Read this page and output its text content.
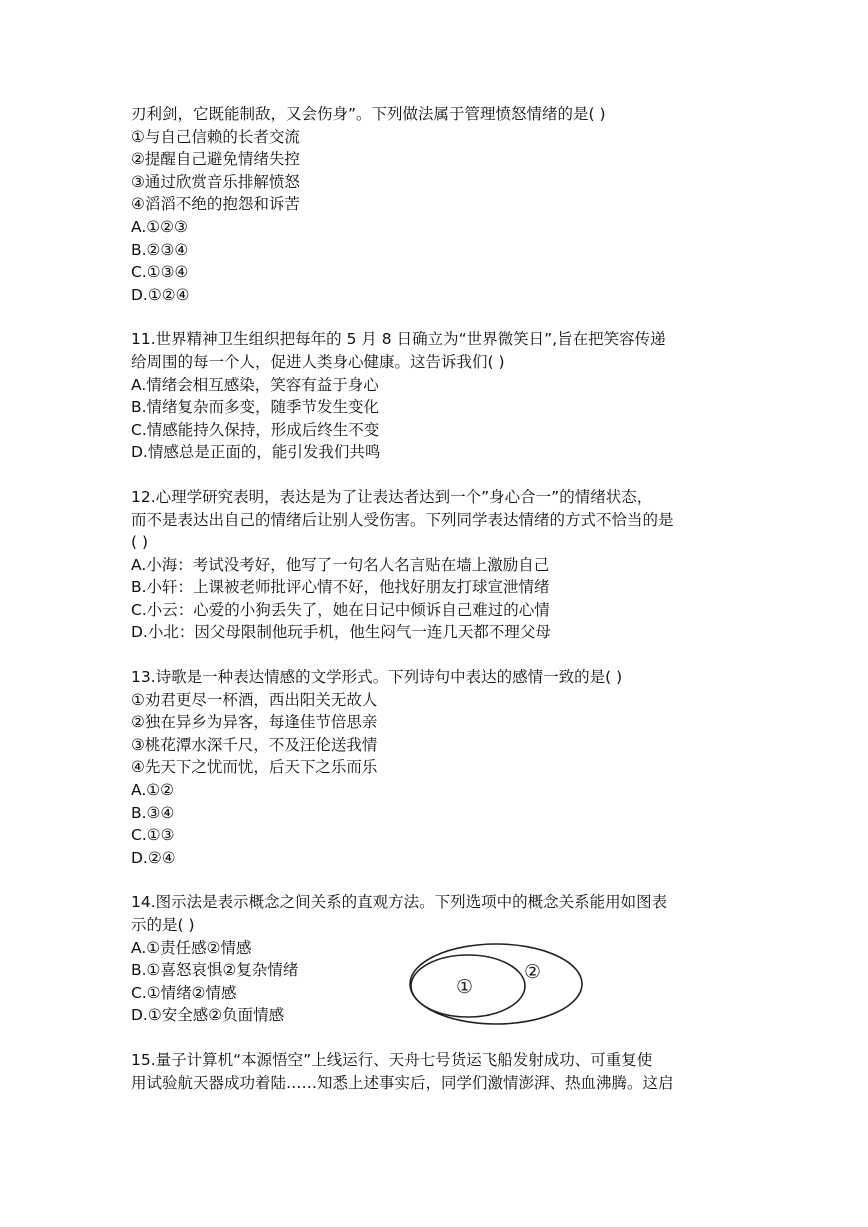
刃利剑，它既能制敌，又会伤身”。下列做法属于管理愤怒情绪的是( )
①与自己信赖的长者交流
②提醒自己避免情绪失控
③通过欣赏音乐排解愤怒
④滔滔不绝的抱怨和诉苦
A.①②③
B.②③④
C.①③④
D.①②④
11.世界精神卫生组织把每年的 5 月 8 日确立为“世界微笑日”,旨在把笑容传递
给周围的每一个人，促进人类身心健康。这告诉我们( )
A.情绪会相互感染，笑容有益于身心
B.情绪复杂而多变，随季节发生变化
C.情感能持久保持，形成后终生不变
D.情感总是正面的，能引发我们共鸣
12.心理学研究表明，表达是为了让表达者达到一个”身心合一”的情绪状态，
而不是表达出自己的情绪后让别人受伤害。下列同学表达情绪的方式不恰当的是
( )
A.小海：考试没考好，他写了一句名人名言贴在墙上激励自己
B.小轩：上课被老师批评心情不好，他找好朋友打球宣泄情绪
C.小云：心爱的小狗丢失了，她在日记中倾诉自己难过的心情
D.小北：因父母限制他玩手机，他生闷气一连几天都不理父母
13.诗歌是一种表达情感的文学形式。下列诗句中表达的感情一致的是( )
①劝君更尽一杯酒，西出阳关无故人
②独在异乡为异客，每逢佳节倍思亲
③桃花潭水深千尺，不及汪伦送我情
④先天下之忧而忧，后天下之乐而乐
A.①②
B.③④
C.①③
D.②④
14.图示法是表示概念之间关系的直观方法。下列选项中的概念关系能用如图表
示的是( )
A.①责任感②情感
B.①喜怒哀惧②复杂情绪
C.①情绪②情感
D.①安全感②负面情感
①
②
15.量子计算机“本源悟空”上线运行、天舟七号货运飞船发射成功、可重复使
用试验航天器成功着陆……知悉上述事实后，同学们激情澎湃、热血沸腾。这启
